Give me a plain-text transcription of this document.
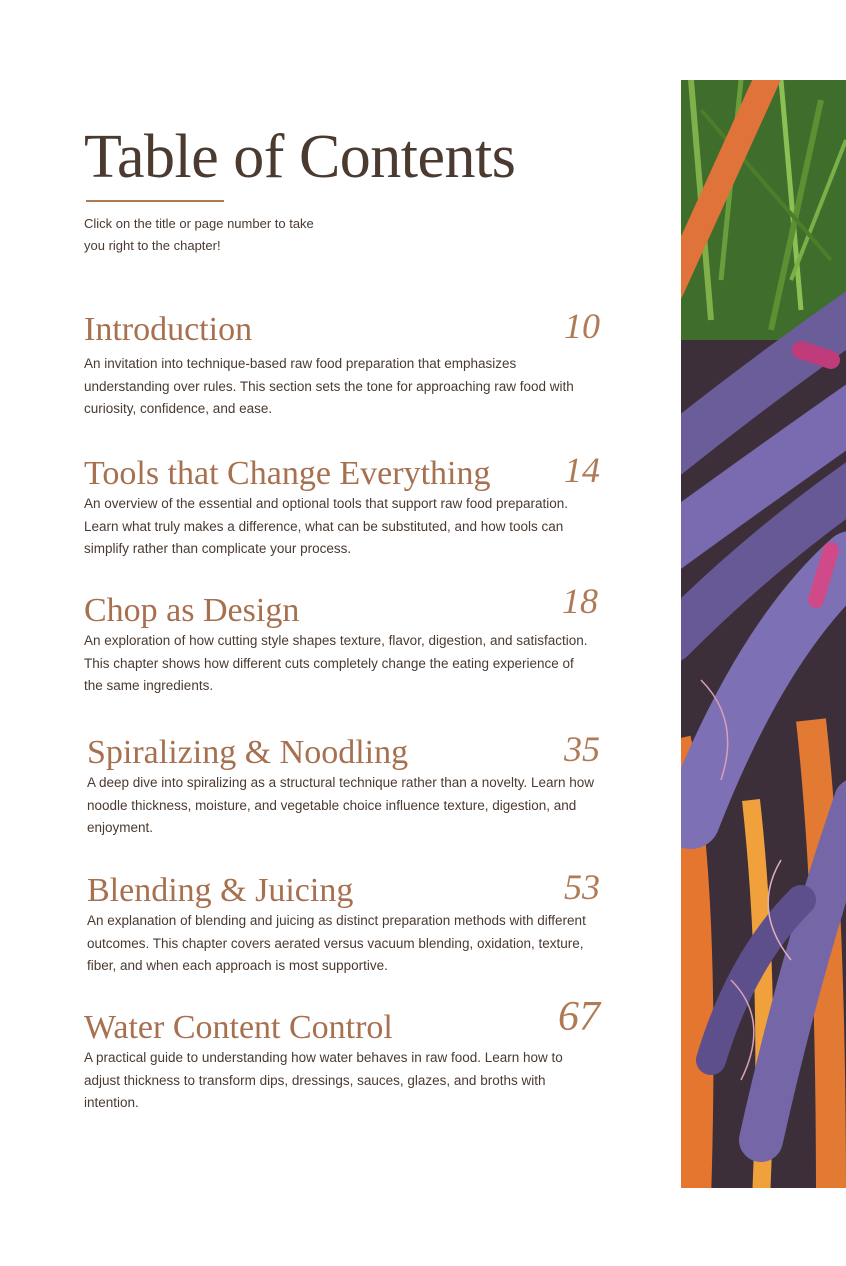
Table of Contents
Click on the title or page number to take you right to the chapter!
Introduction	10

An invitation into technique-based raw food preparation that emphasizes understanding over rules. This section sets the tone for approaching raw food with curiosity, confidence, and ease.

Tools that Change Everything	14

An overview of the essential and optional tools that support raw food preparation. Learn what truly makes a difference, what can be substituted, and how tools can simplify rather than complicate your process.

Chop as Design	18

An exploration of how cutting style shapes texture, flavor, digestion, and satisfaction. This chapter shows how different cuts completely change the eating experience of the same ingredients.

Spiralizing & Noodling	35

A deep dive into spiralizing as a structural technique rather than a novelty. Learn how noodle thickness, moisture, and vegetable choice influence texture, digestion, and enjoyment.

Blending & Juicing	53

An explanation of blending and juicing as distinct preparation methods with different outcomes. This chapter covers aerated versus vacuum blending, oxidation, texture, fiber, and when each approach is most supportive.

Water Content Control	67

A practical guide to understanding how water behaves in raw food. Learn how to adjust thickness to transform dips, dressings, sauces, glazes, and broths with intention.
